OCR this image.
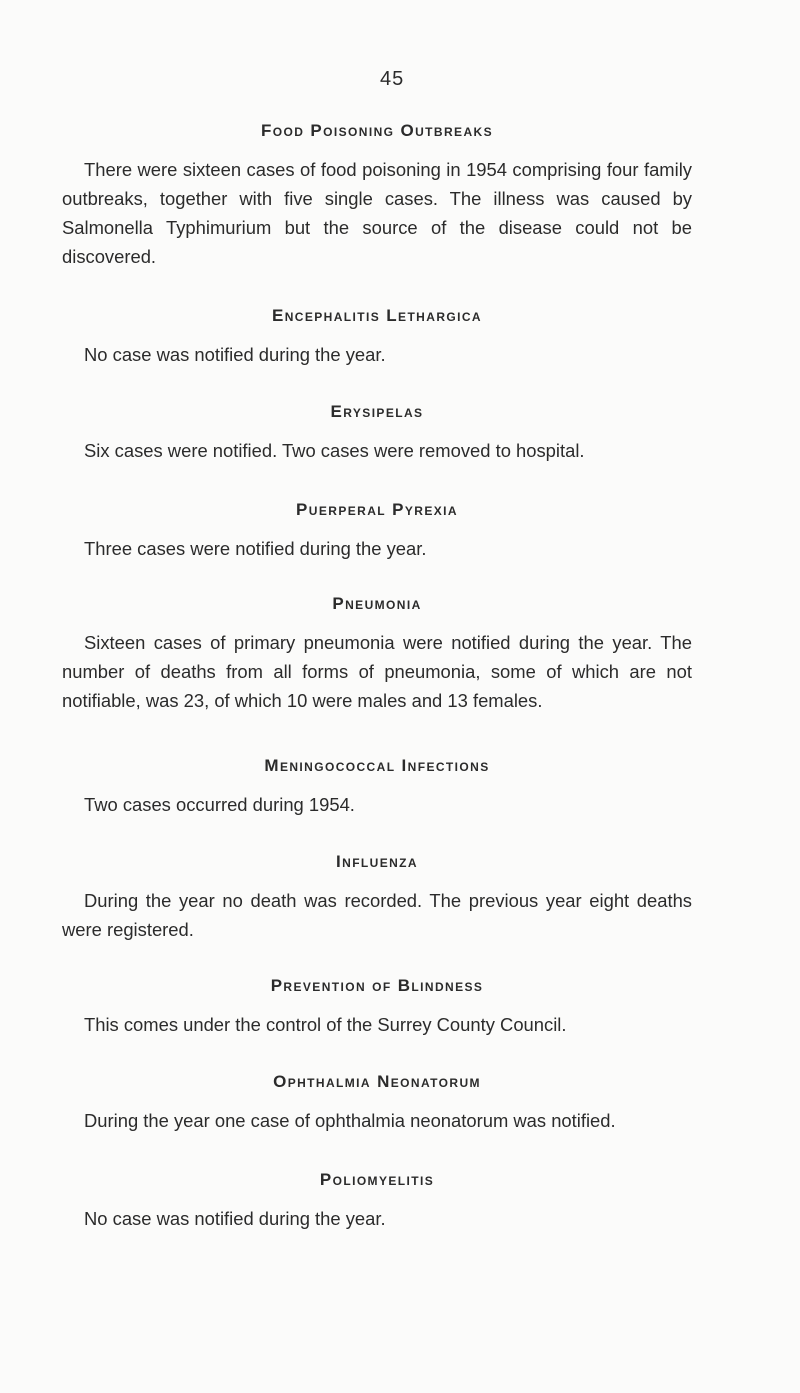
45
Food Poisoning Outbreaks

There were sixteen cases of food poisoning in 1954 comprising four family outbreaks, together with five single cases. The illness was caused by Salmonella Typhimurium but the source of the disease could not be discovered.

Encephalitis Lethargica

No case was notified during the year.

Erysipelas

Six cases were notified. Two cases were removed to hospital.

Puerperal Pyrexia

Three cases were notified during the year.

Pneumonia

Sixteen cases of primary pneumonia were notified during the year. The number of deaths from all forms of pneumonia, some of which are not notifiable, was 23, of which 10 were males and 13 females.

Meningococcal Infections

Two cases occurred during 1954.

Influenza

During the year no death was recorded. The previous year eight deaths were registered.

Prevention of Blindness

This comes under the control of the Surrey County Council.

Ophthalmia Neonatorum

During the year one case of ophthalmia neonatorum was notified.

Poliomyelitis

No case was notified during the year.
